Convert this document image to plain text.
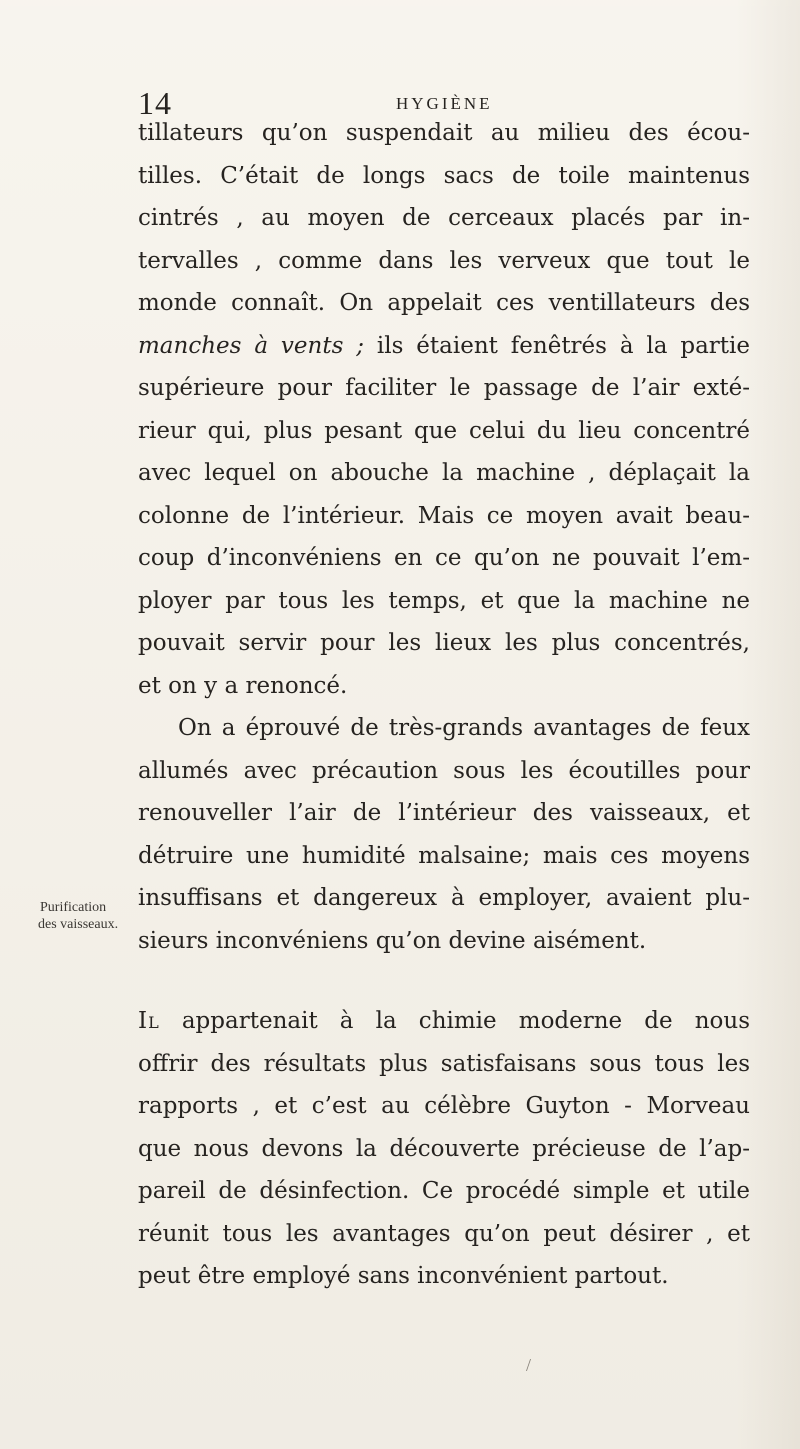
14	HYGIÈNE
Purification
des vaisseaux.
tillateurs qu’on suspendait au milieu des écou-
tilles. C’était de longs sacs de toile maintenus
cintrés , au moyen de cerceaux placés par in-
tervalles , comme dans les verveux que tout le
monde connaît. On appelait ces ventillateurs des
manches à vents ; ils étaient fenêtrés à la partie
supérieure pour faciliter le passage de l’air exté-
rieur qui, plus pesant que celui du lieu concentré
avec lequel on abouche la machine , déplaçait la
colonne de l’intérieur. Mais ce moyen avait beau-
coup d’inconvéniens en ce qu’on ne pouvait l’em-
ployer par tous les temps, et que la machine ne
pouvait servir pour les lieux les plus concentrés,
et on y a renoncé.
On a éprouvé de très-grands avantages de feux
allumés avec précaution sous les écoutilles pour
renouveller l’air de l’intérieur des vaisseaux, et
détruire une humidité malsaine; mais ces moyens
insuffisans et dangereux à employer, avaient plu-
sieurs inconvéniens qu’on devine aisément.
Il appartenait à la chimie moderne de nous
offrir des résultats plus satisfaisans sous tous les
rapports , et c’est au célèbre Guyton - Morveau
que nous devons la découverte précieuse de l’ap-
pareil de désinfection. Ce procédé simple et utile
réunit tous les avantages qu’on peut désirer , et
peut être employé sans inconvénient partout.
/
